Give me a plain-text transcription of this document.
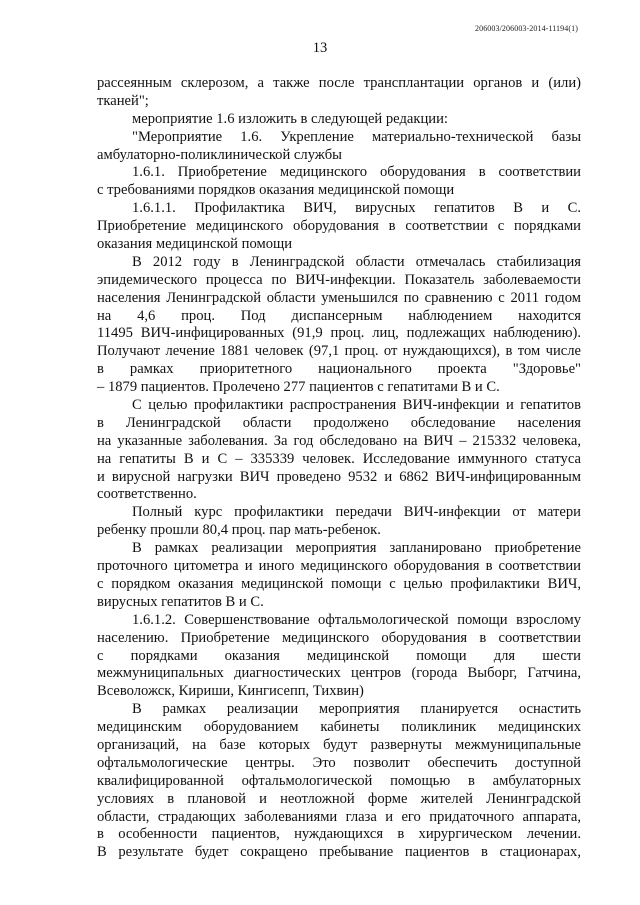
206003/206003-2014-11194(1)
13
рассеянным склерозом, а также после трансплантации органов и (или)
тканей";
мероприятие 1.6 изложить в следующей редакции:
"Мероприятие 1.6. Укрепление материально-технической базы
амбулаторно-поликлинической службы
1.6.1. Приобретение медицинского оборудования в соответствии
с требованиями порядков оказания медицинской помощи
1.6.1.1. Профилактика ВИЧ, вирусных гепатитов В и С.
Приобретение медицинского оборудования в соответствии с порядками
оказания медицинской помощи
В 2012 году в Ленинградской области отмечалась стабилизация
эпидемического процесса по ВИЧ-инфекции. Показатель заболеваемости
населения Ленинградской области уменьшился по сравнению с 2011 годом
на 4,6 проц. Под диспансерным наблюдением находится
11495 ВИЧ-инфицированных (91,9 проц. лиц, подлежащих наблюдению).
Получают лечение 1881 человек (97,1 проц. от нуждающихся), в том числе
в рамках приоритетного национального проекта "Здоровье"
– 1879 пациентов. Пролечено 277 пациентов с гепатитами В и С.
С целью профилактики распространения ВИЧ-инфекции и гепатитов
в Ленинградской области продолжено обследование населения
на указанные заболевания. За год обследовано на ВИЧ – 215332 человека,
на гепатиты В и С – 335339 человек. Исследование иммунного статуса
и вирусной нагрузки ВИЧ проведено 9532 и 6862 ВИЧ-инфицированным
соответственно.
Полный курс профилактики передачи ВИЧ-инфекции от матери
ребенку прошли 80,4 проц. пар мать-ребенок.
В рамках реализации мероприятия запланировано приобретение
проточного цитометра и иного медицинского оборудования в соответствии
с порядком оказания медицинской помощи с целью профилактики ВИЧ,
вирусных гепатитов В и С.
1.6.1.2. Совершенствование офтальмологической помощи взрослому
населению. Приобретение медицинского оборудования в соответствии
с порядками оказания медицинской помощи для шести
межмуниципальных диагностических центров (города Выборг, Гатчина,
Всеволожск, Кириши, Кингисепп, Тихвин)
В рамках реализации мероприятия планируется оснастить
медицинским оборудованием кабинеты поликлиник медицинских
организаций, на базе которых будут развернуты межмуниципальные
офтальмологические центры. Это позволит обеспечить доступной
квалифицированной офтальмологической помощью в амбулаторных
условиях в плановой и неотложной форме жителей Ленинградской
области, страдающих заболеваниями глаза и его придаточного аппарата,
в особенности пациентов, нуждающихся в хирургическом лечении.
В результате будет сокращено пребывание пациентов в стационарах,
